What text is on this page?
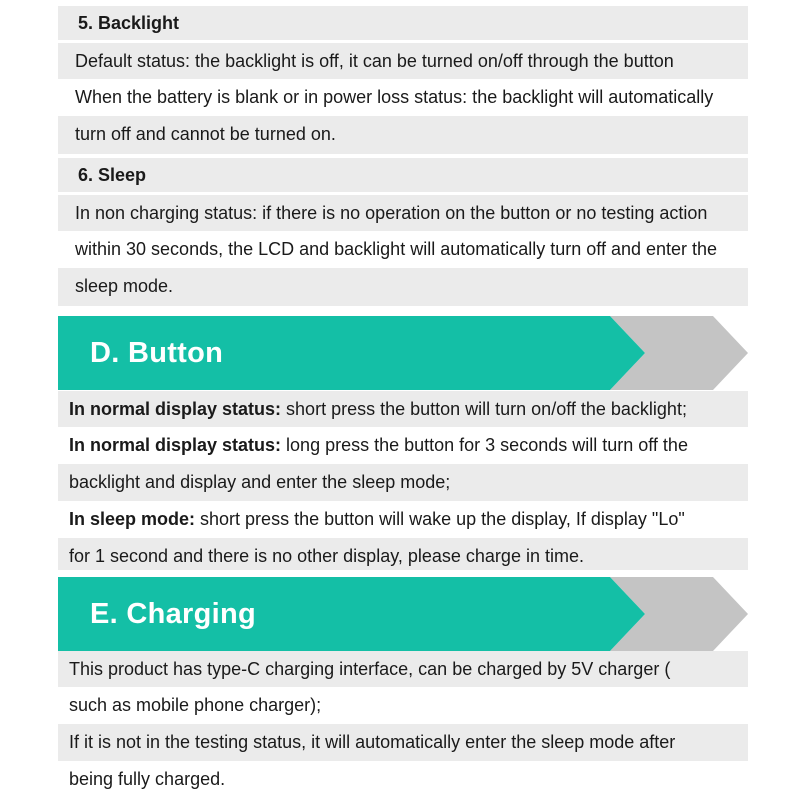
5. Backlight
Default status: the backlight is off, it can be turned on/off through the button
When the battery is blank or in power loss status: the backlight will automatically
turn off and cannot be turned on.
6. Sleep
In non charging status: if there is no operation on the button or no testing action
within 30 seconds, the LCD and backlight will automatically turn off and enter the
sleep mode.
D. Button
In normal display status: short press the button will turn on/off the backlight;
In normal display status: long press the button for 3 seconds will turn off the
backlight and display and enter the sleep mode;
In sleep mode: short press the button will wake up the display, If display "Lo"
for 1 second and there is no other display, please charge in time.
E. Charging
This product has type-C charging interface, can be charged by 5V charger (
such as mobile phone charger);
If it is not in the testing status, it will automatically enter the sleep mode after
being fully charged.
